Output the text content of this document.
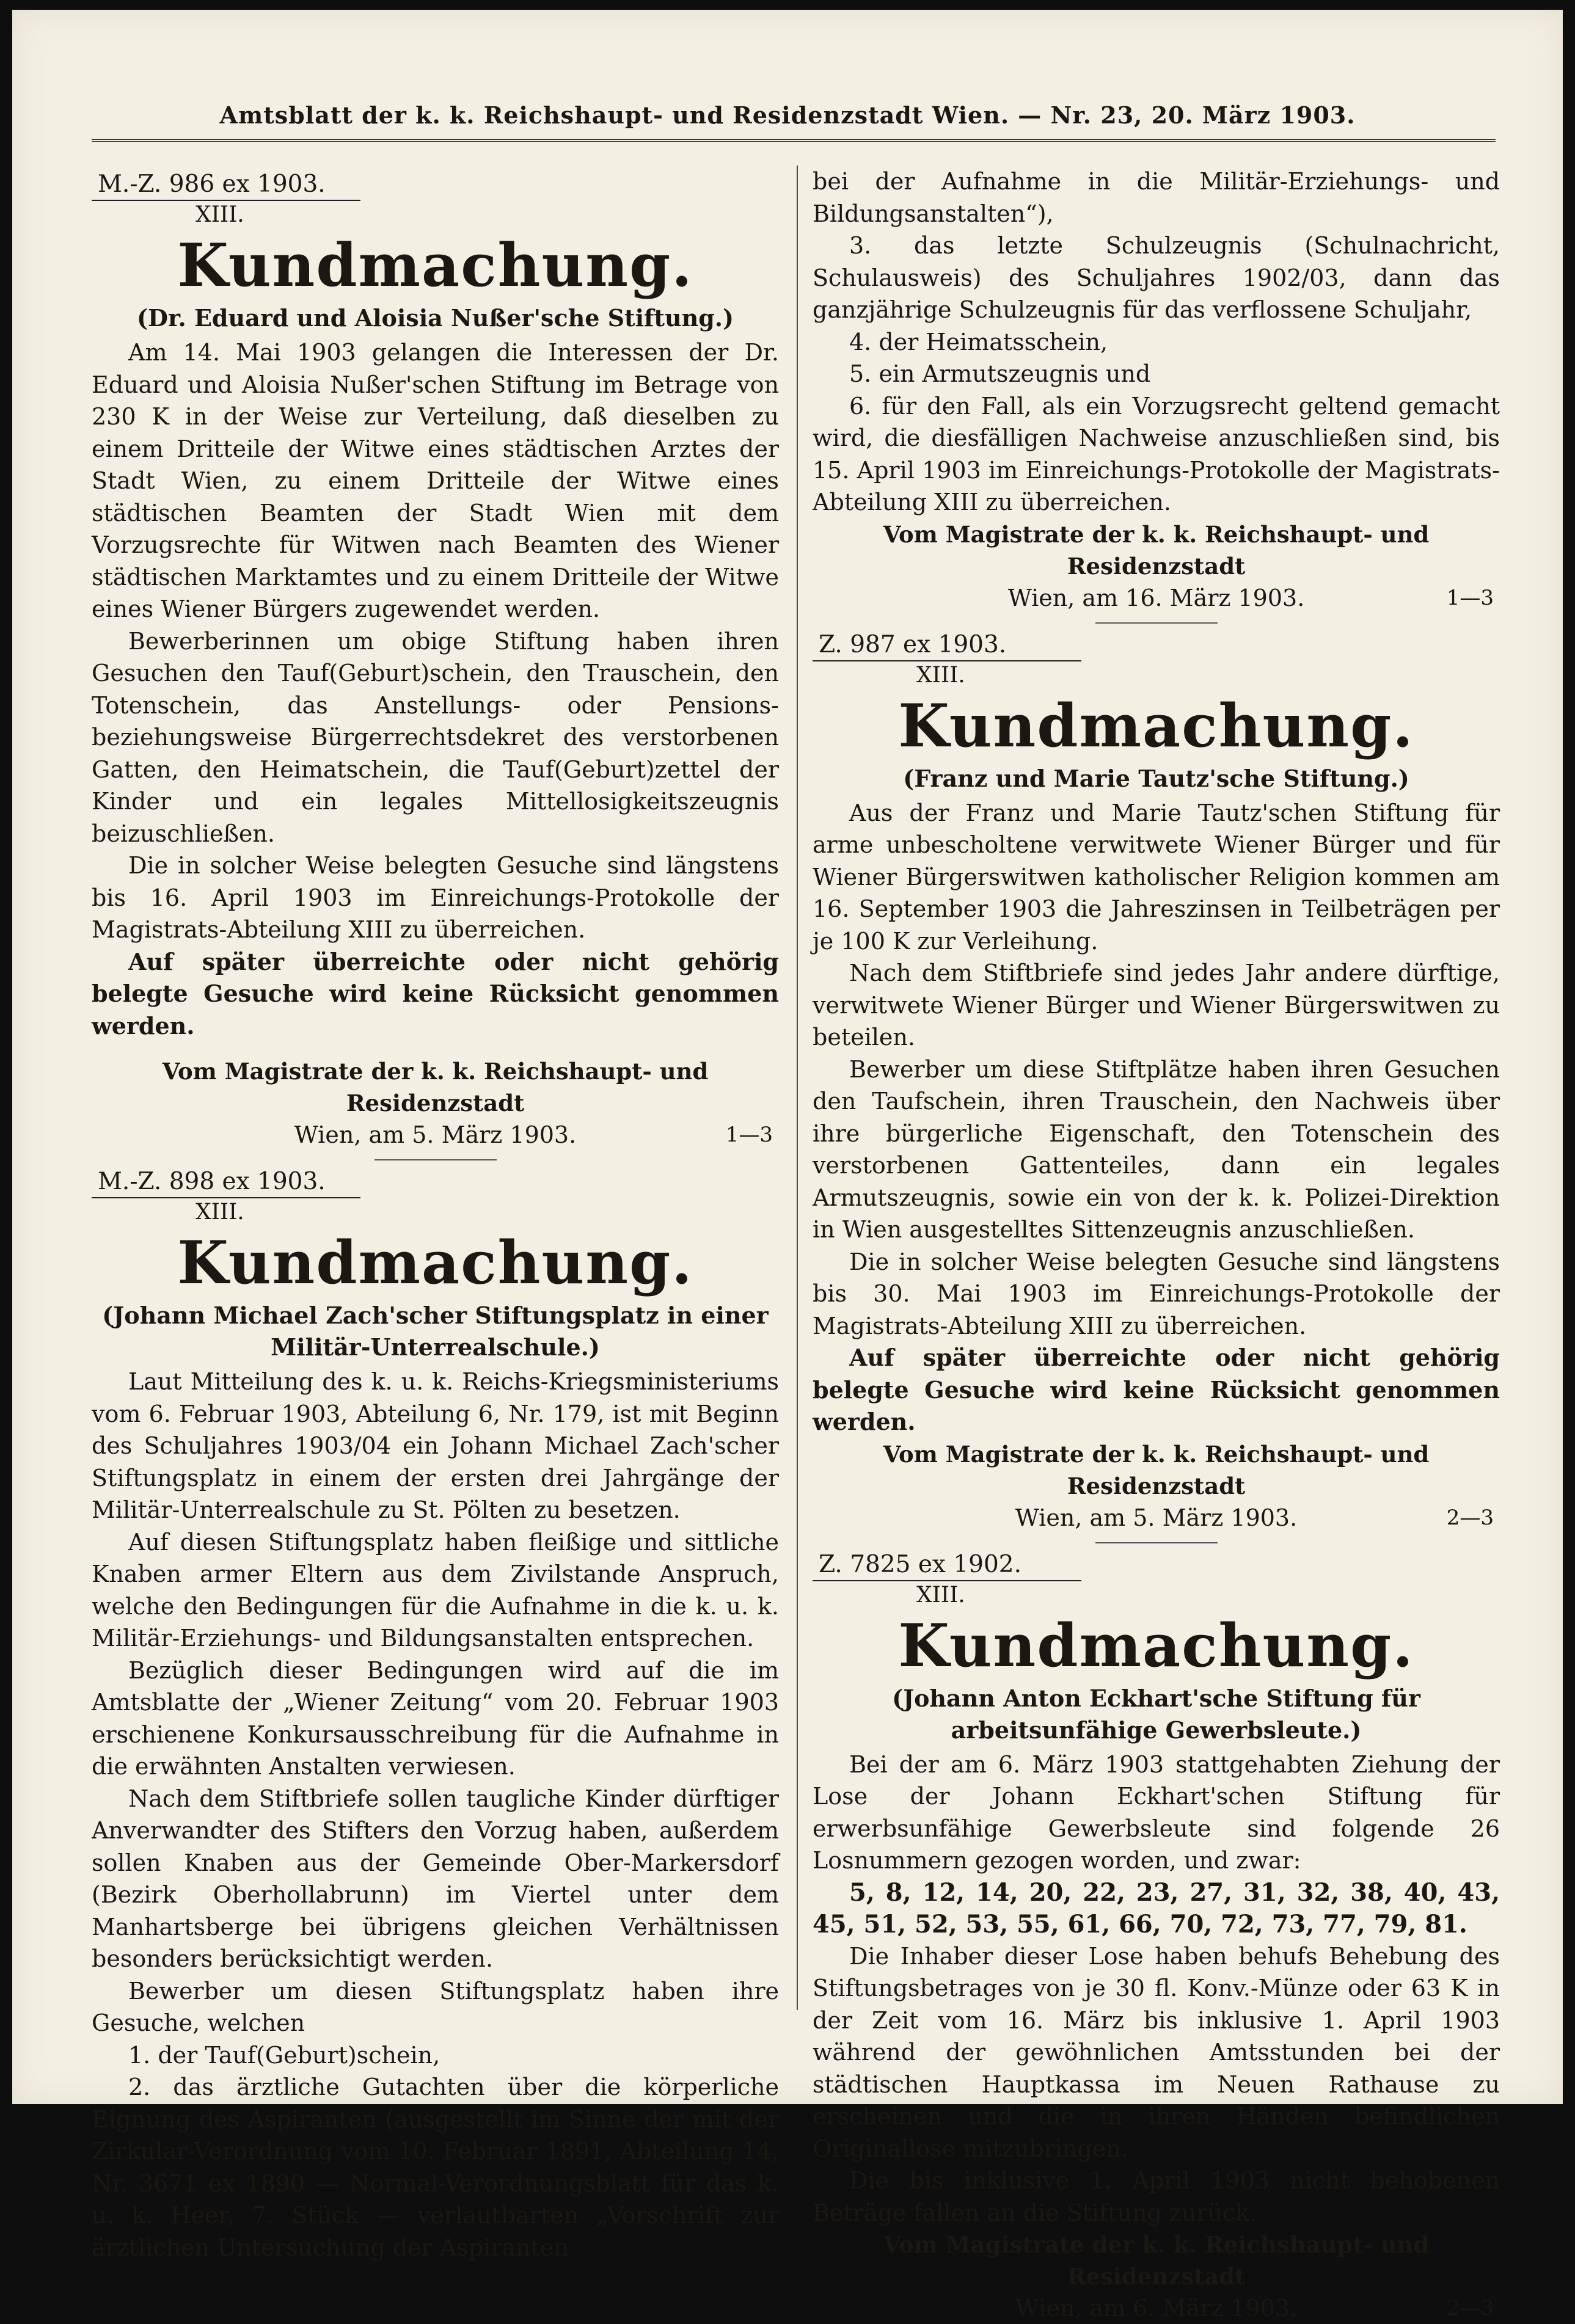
Amtsblatt der k. k. Reichshaupt- und Residenzstadt Wien. — Nr. 23, 20. März 1903.
M.-Z. 986 ex 1903.
XIII.
Kundmachung.
(Dr. Eduard und Aloisia Nußer'sche Stiftung.)

Am 14. Mai 1903 gelangen die Interessen der Dr. Eduard und Aloisia Nußer'schen Stiftung im Betrage von 230 K in der Weise zur Verteilung, daß dieselben zu einem Dritteile der Witwe eines städtischen Arztes der Stadt Wien, zu einem Dritteile der Witwe eines städtischen Beamten der Stadt Wien mit dem Vorzugsrechte für Witwen nach Beamten des Wiener städtischen Marktamtes und zu einem Dritteile der Witwe eines Wiener Bürgers zugewendet werden.

Bewerberinnen um obige Stiftung haben ihren Gesuchen den Tauf(Geburt)schein, den Trauschein, den Totenschein, das Anstellungs- oder Pensions- beziehungsweise Bürgerrechtsdekret des verstorbenen Gatten, den Heimatschein, die Tauf(Geburt)zettel der Kinder und ein legales Mittellosigkeitszeugnis beizuschließen.

Die in solcher Weise belegten Gesuche sind längstens bis 16. April 1903 im Einreichungs-Protokolle der Magistrats-Abteilung XIII zu überreichen.

Auf später überreichte oder nicht gehörig belegte Gesuche wird keine Rücksicht genommen werden.

Vom Magistrate der k. k. Reichshaupt- und Residenzstadt
Wien, am 5. März 1903.	1—3
M.-Z. 898 ex 1903.
XIII.
Kundmachung.
(Johann Michael Zach'scher Stiftungsplatz in einer Militär-Unterrealschule.)

Laut Mitteilung des k. u. k. Reichs-Kriegsministeriums vom 6. Februar 1903, Abteilung 6, Nr. 179, ist mit Beginn des Schuljahres 1903/04 ein Johann Michael Zach'scher Stiftungsplatz in einem der ersten drei Jahrgänge der Militär-Unterrealschule zu St. Pölten zu besetzen.

Auf diesen Stiftungsplatz haben fleißige und sittliche Knaben armer Eltern aus dem Zivilstande Anspruch, welche den Bedingungen für die Aufnahme in die k. u. k. Militär-Erziehungs- und Bildungsanstalten entsprechen.

Bezüglich dieser Bedingungen wird auf die im Amtsblatte der „Wiener Zeitung“ vom 20. Februar 1903 erschienene Konkursausschreibung für die Aufnahme in die erwähnten Anstalten verwiesen.

Nach dem Stiftbriefe sollen taugliche Kinder dürftiger Anverwandter des Stifters den Vorzug haben, außerdem sollen Knaben aus der Gemeinde Ober-Markersdorf (Bezirk Oberhollabrunn) im Viertel unter dem Manhartsberge bei übrigens gleichen Verhältnissen besonders berücksichtigt werden.

Bewerber um diesen Stiftungsplatz haben ihre Gesuche, welchen

1. der Tauf(Geburt)schein,

2. das ärztliche Gutachten über die körperliche Eignung des Aspiranten (ausgestellt im Sinne der mit der Zirkular-Verordnung vom 10. Februar 1891, Abteilung 14, Nr. 3671 ex 1890 — Normal-Verordnungsblatt für das k. u. k. Heer, 7. Stück — verlautbarten „Vorschrift zur ärztlichen Untersuchung der Aspiranten

bei der Aufnahme in die Militär-Erziehungs- und Bildungsanstalten“),

3. das letzte Schulzeugnis (Schulnachricht, Schulausweis) des Schuljahres 1902/03, dann das ganzjährige Schulzeugnis für das verflossene Schuljahr,

4. der Heimatsschein,

5. ein Armutszeugnis und

6. für den Fall, als ein Vorzugsrecht geltend gemacht wird, die diesfälligen Nachweise anzuschließen sind, bis 15. April 1903 im Einreichungs-Protokolle der Magistrats-Abteilung XIII zu überreichen.

Vom Magistrate der k. k. Reichshaupt- und Residenzstadt
Wien, am 16. März 1903.	1—3
Z. 987 ex 1903.
XIII.
Kundmachung.
(Franz und Marie Tautz'sche Stiftung.)

Aus der Franz und Marie Tautz'schen Stiftung für arme unbescholtene verwitwete Wiener Bürger und für Wiener Bürgerswitwen katholischer Religion kommen am 16. September 1903 die Jahreszinsen in Teilbeträgen per je 100 K zur Verleihung.

Nach dem Stiftbriefe sind jedes Jahr andere dürftige, verwitwete Wiener Bürger und Wiener Bürgerswitwen zu beteilen.

Bewerber um diese Stiftplätze haben ihren Gesuchen den Taufschein, ihren Trauschein, den Nachweis über ihre bürgerliche Eigenschaft, den Totenschein des verstorbenen Gattenteiles, dann ein legales Armutszeugnis, sowie ein von der k. k. Polizei-Direktion in Wien ausgestelltes Sittenzeugnis anzuschließen.

Die in solcher Weise belegten Gesuche sind längstens bis 30. Mai 1903 im Einreichungs-Protokolle der Magistrats-Abteilung XIII zu überreichen.

Auf später überreichte oder nicht gehörig belegte Gesuche wird keine Rücksicht genommen werden.

Vom Magistrate der k. k. Reichshaupt- und Residenzstadt
Wien, am 5. März 1903.	2—3
Z. 7825 ex 1902.
XIII.
Kundmachung.
(Johann Anton Eckhart'sche Stiftung für arbeitsunfähige Gewerbsleute.)

Bei der am 6. März 1903 stattgehabten Ziehung der Lose der Johann Eckhart'schen Stiftung für erwerbsunfähige Gewerbsleute sind folgende 26 Losnummern gezogen worden, und zwar:

5, 8, 12, 14, 20, 22, 23, 27, 31, 32, 38, 40, 43, 45, 51, 52, 53, 55, 61, 66, 70, 72, 73, 77, 79, 81.

Die Inhaber dieser Lose haben behufs Behebung des Stiftungsbetrages von je 30 fl. Konv.-Münze oder 63 K in der Zeit vom 16. März bis inklusive 1. April 1903 während der gewöhnlichen Amtsstunden bei der städtischen Hauptkassa im Neuen Rathause zu erscheinen und die in ihren Händen befindlichen Originallose mitzubringen.

Die bis inklusive 1. April 1903 nicht behobenen Beträge fallen an die Stiftung zurück.

Vom Magistrate der k. k. Reichshaupt- und Residenzstadt
Wien, am 6. März 1903.	2—3
